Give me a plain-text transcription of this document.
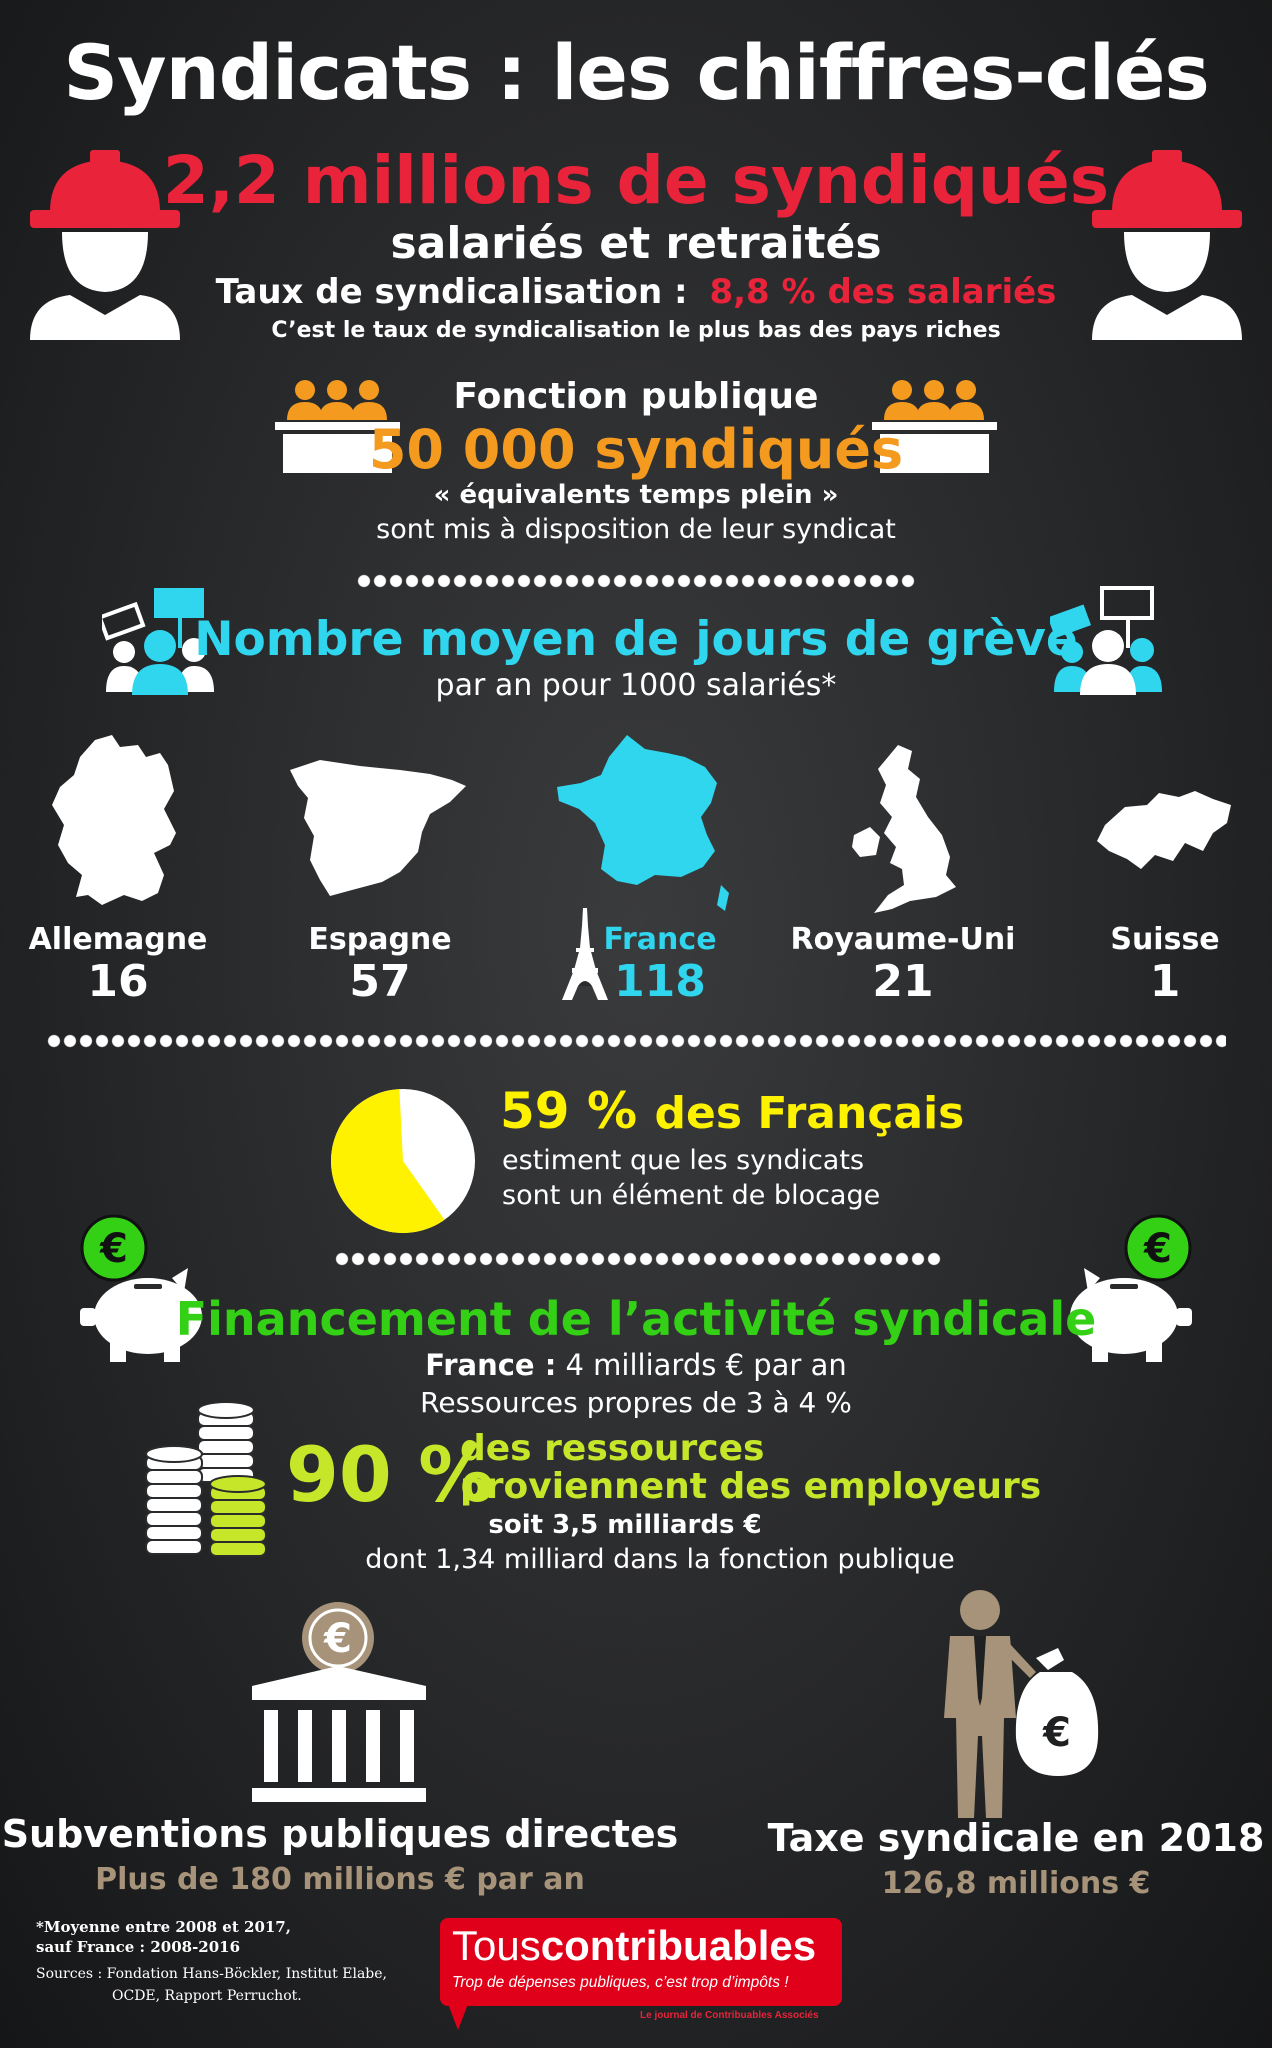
Syndicats : les chiffres-clés
2,2 millions de syndiqués
salariés et retraités
Taux de syndicalisation : 8,8 % des salariés
C’est le taux de syndicalisation le plus bas des pays riches
Fonction publique
50 000 syndiqués
« équivalents temps plein »
sont mis à disposition de leur syndicat
Nombre moyen de jours de grève
par an pour 1000 salariés*
Allemagne
16
Espagne
57
France
118
Royaume-Uni
21
Suisse
1
59 % des Français
estiment que les syndicats
sont un élément de blocage
€	€
Financement de l’activité syndicale
France : 4 milliards € par an
Ressources propres de 3 à 4 %
90 %
des ressources
proviennent des employeurs
soit 3,5 milliards €
dont 1,34 milliard dans la fonction publique
€
€
Subventions publiques directes
Plus de 180 millions € par an
Taxe syndicale en 2018
126,8 millions €
*Moyenne entre 2008 et 2017,
sauf France : 2008-2016
Sources : Fondation Hans-Böckler, Institut Elabe,
OCDE, Rapport Perruchot.
Touscontribuables
Trop de dépenses publiques, c’est trop d’impôts !
Le journal de Contribuables Associés
